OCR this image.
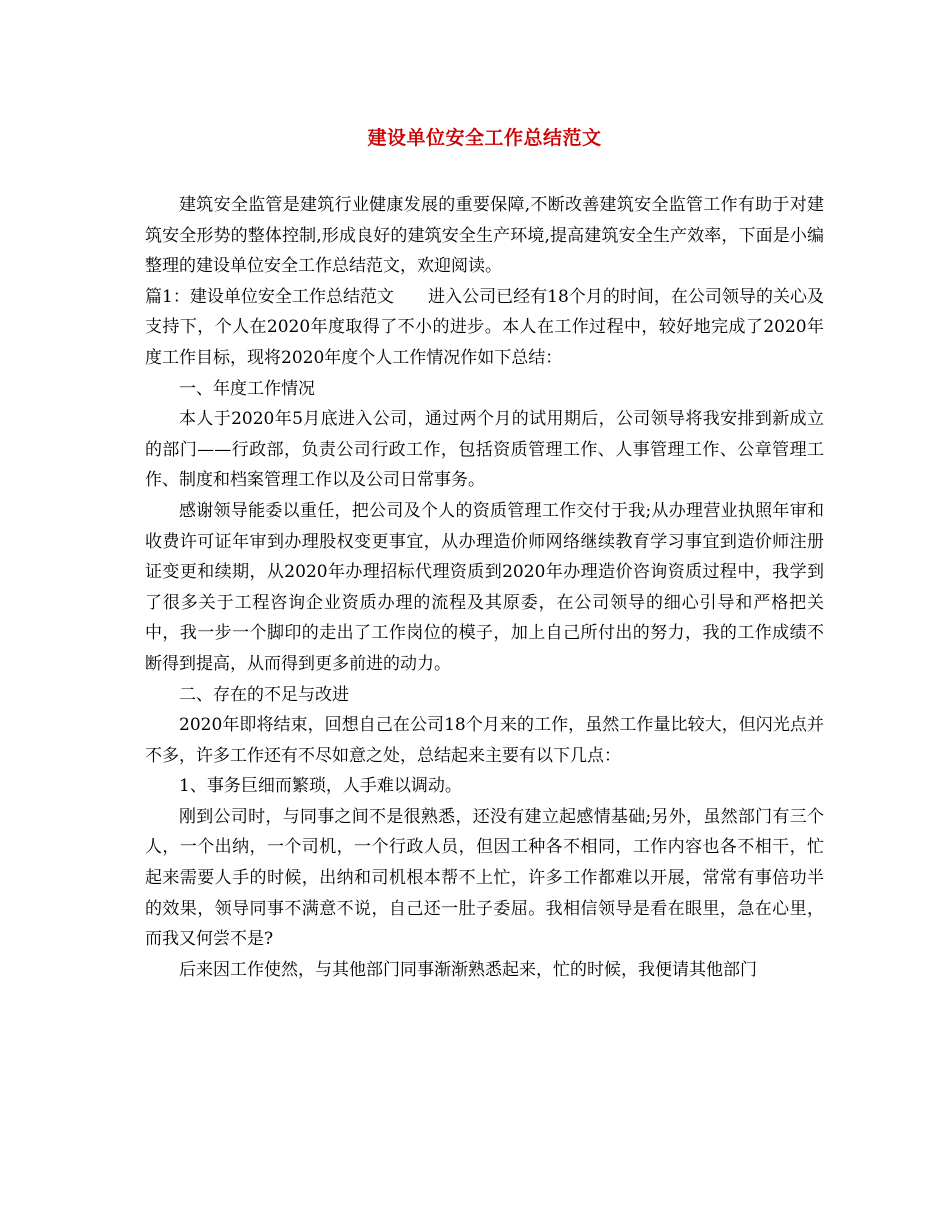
建设单位安全工作总结范文

建筑安全监管是建筑行业健康发展的重要保障,不断改善建筑安全监管工作有助于对建筑安全形势的整体控制,形成良好的建筑安全生产环境,提高建筑安全生产效率，下面是小编整理的建设单位安全工作总结范文，欢迎阅读。

篇1：建设单位安全工作总结范文　　进入公司已经有18个月的时间，在公司领导的关心及支持下，个人在2020年度取得了不小的进步。本人在工作过程中，较好地完成了2020年度工作目标，现将2020年度个人工作情况作如下总结：

一、年度工作情况

本人于2020年5月底进入公司，通过两个月的试用期后，公司领导将我安排到新成立的部门——行政部，负责公司行政工作，包括资质管理工作、人事管理工作、公章管理工作、制度和档案管理工作以及公司日常事务。

感谢领导能委以重任，把公司及个人的资质管理工作交付于我;从办理营业执照年审和收费许可证年审到办理股权变更事宜，从办理造价师网络继续教育学习事宜到造价师注册证变更和续期，从2020年办理招标代理资质到2020年办理造价咨询资质过程中，我学到了很多关于工程咨询企业资质办理的流程及其原委，在公司领导的细心引导和严格把关中，我一步一个脚印的走出了工作岗位的模子，加上自己所付出的努力，我的工作成绩不断得到提高，从而得到更多前进的动力。

二、存在的不足与改进

2020年即将结束，回想自己在公司18个月来的工作，虽然工作量比较大，但闪光点并不多，许多工作还有不尽如意之处，总结起来主要有以下几点：

1、事务巨细而繁琐，人手难以调动。

刚到公司时，与同事之间不是很熟悉，还没有建立起感情基础;另外，虽然部门有三个人，一个出纳，一个司机，一个行政人员，但因工种各不相同，工作内容也各不相干，忙起来需要人手的时候，出纳和司机根本帮不上忙，许多工作都难以开展，常常有事倍功半的效果，领导同事不满意不说，自己还一肚子委屈。我相信领导是看在眼里，急在心里，而我又何尝不是?

后来因工作使然，与其他部门同事渐渐熟悉起来，忙的时候，我便请其他部门
